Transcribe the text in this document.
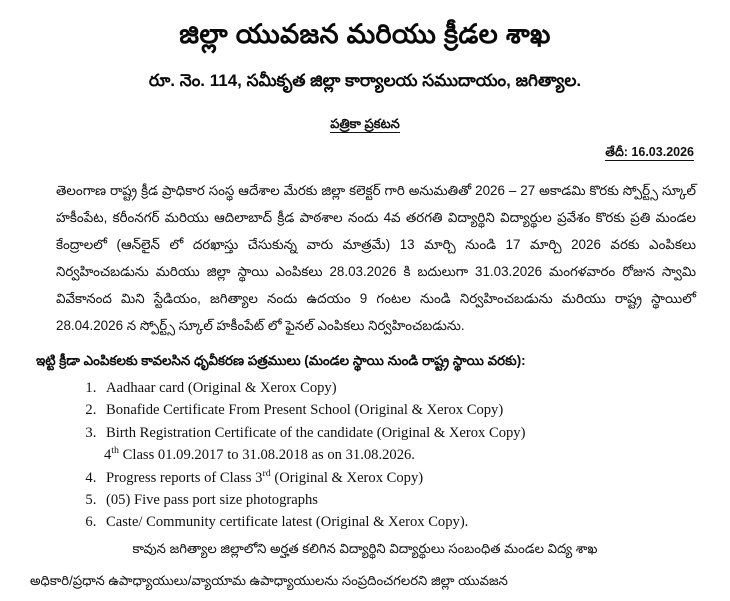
జిల్లా యువజన మరియు క్రీడల శాఖ
రూ. నెం. 114, సమీకృత జిల్లా కార్యాలయ సముదాయం, జగిత్యాల.
పత్రికా ప్రకటన
తేదీ: 16.03.2026
తెలంగాణ రాష్ట్ర క్రీడ ప్రాధికార సంస్థ ఆదేశాల మేరకు జిల్లా కలెక్టర్ గారి అనుమతితో 2026 – 27 అకాడమి కొరకు స్పోర్ట్స్ స్కూల్ హకీంపేట, కరీంనగర్ మరియు ఆదిలాబాద్ క్రీడ పాఠశాల నందు 4వ తరగతి విద్యార్థిని విద్యార్థుల ప్రవేశం కొరకు ప్రతి మండల కేంద్రాలలో (ఆన్‌లైన్ లో దరఖాస్తు చేసుకున్న వారు మాత్రమే) 13 మార్చి నుండి 17 మార్చి 2026 వరకు ఎంపికలు నిర్వహించబడును మరియు జిల్లా స్థాయి ఎంపికలు 28.03.2026 కి బదులుగా 31.03.2026 మంగళవారం రోజున స్వామి వివేకానంద మిని స్టేడియం, జగిత్యాల నందు ఉదయం 9 గంటల నుండి నిర్వహించబడును మరియు రాష్ట్ర స్థాయిలో 28.04.2026 న స్పోర్ట్స్ స్కూల్ హకీంపేట్ లో ఫైనల్ ఎంపికలు నిర్వహించబడును.
ఇట్టి క్రీడా ఎంపికలకు కావలసిన ధృవీకరణ పత్రములు (మండల స్థాయి నుండి రాష్ట్ర స్థాయి వరకు):
1. Aadhaar card (Original & Xerox Copy)
2. Bonafide Certificate From Present School (Original & Xerox Copy)
3. Birth Registration Certificate of the candidate (Original & Xerox Copy)
4th Class 01.09.2017 to 31.08.2018 as on 31.08.2026.
4. Progress reports of Class 3rd (Original & Xerox Copy)
5. (05) Five pass port size photographs
6. Caste/ Community certificate latest (Original & Xerox Copy).
కావున జగిత్యాల జిల్లాలోని అర్హత కలిగిన విద్యార్థిని విద్యార్థులు సంబంధిత మండల విద్య శాఖ
అధికారి/ప్రధాన ఉపాధ్యాయులు/వ్యాయామ ఉపాధ్యాయులను సంప్రదించగలరని జిల్లా యువజన
